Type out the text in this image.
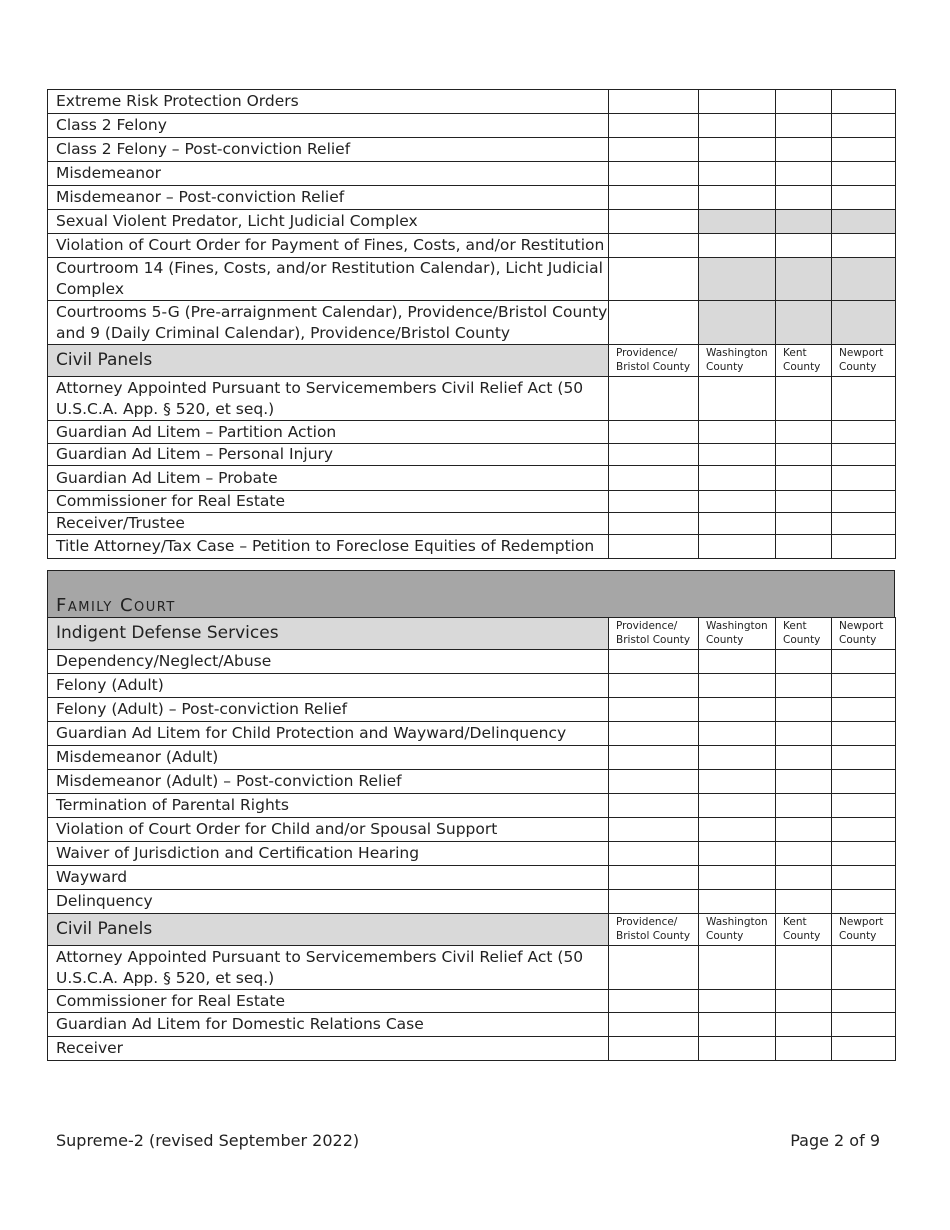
Extreme Risk Protection Orders				
Class 2 Felony				
Class 2 Felony – Post-conviction Relief				
Misdemeanor				
Misdemeanor – Post-conviction Relief				
Sexual Violent Predator, Licht Judicial Complex				
Violation of Court Order for Payment of Fines, Costs, and/or Restitution				
Courtroom 14 (Fines, Costs, and/or Restitution Calendar), Licht Judicial Complex				
Courtrooms 5-G (Pre-arraignment Calendar), Providence/Bristol County and 9 (Daily Criminal Calendar), Providence/Bristol County				
Civil Panels	Providence/ Bristol County	Washington County	Kent County	Newport County
Attorney Appointed Pursuant to Servicemembers Civil Relief Act (50 U.S.C.A. App. § 520, et seq.)				
Guardian Ad Litem – Partition Action				
Guardian Ad Litem – Personal Injury				
Guardian Ad Litem – Probate				
Commissioner for Real Estate				
Receiver/Trustee				
Title Attorney/Tax Case – Petition to Foreclose Equities of Redemption				
Family Court
Indigent Defense Services	Providence/ Bristol County	Washington County	Kent County	Newport County
Dependency/Neglect/Abuse				
Felony (Adult)				
Felony (Adult) – Post-conviction Relief				
Guardian Ad Litem for Child Protection and Wayward/Delinquency				
Misdemeanor (Adult)				
Misdemeanor (Adult) – Post-conviction Relief				
Termination of Parental Rights				
Violation of Court Order for Child and/or Spousal Support				
Waiver of Jurisdiction and Certification Hearing				
Wayward				
Delinquency				
Civil Panels	Providence/ Bristol County	Washington County	Kent County	Newport County
Attorney Appointed Pursuant to Servicemembers Civil Relief Act (50 U.S.C.A. App. § 520, et seq.)				
Commissioner for Real Estate				
Guardian Ad Litem for Domestic Relations Case				
Receiver				
Supreme-2 (revised September 2022)	Page 2 of 9
